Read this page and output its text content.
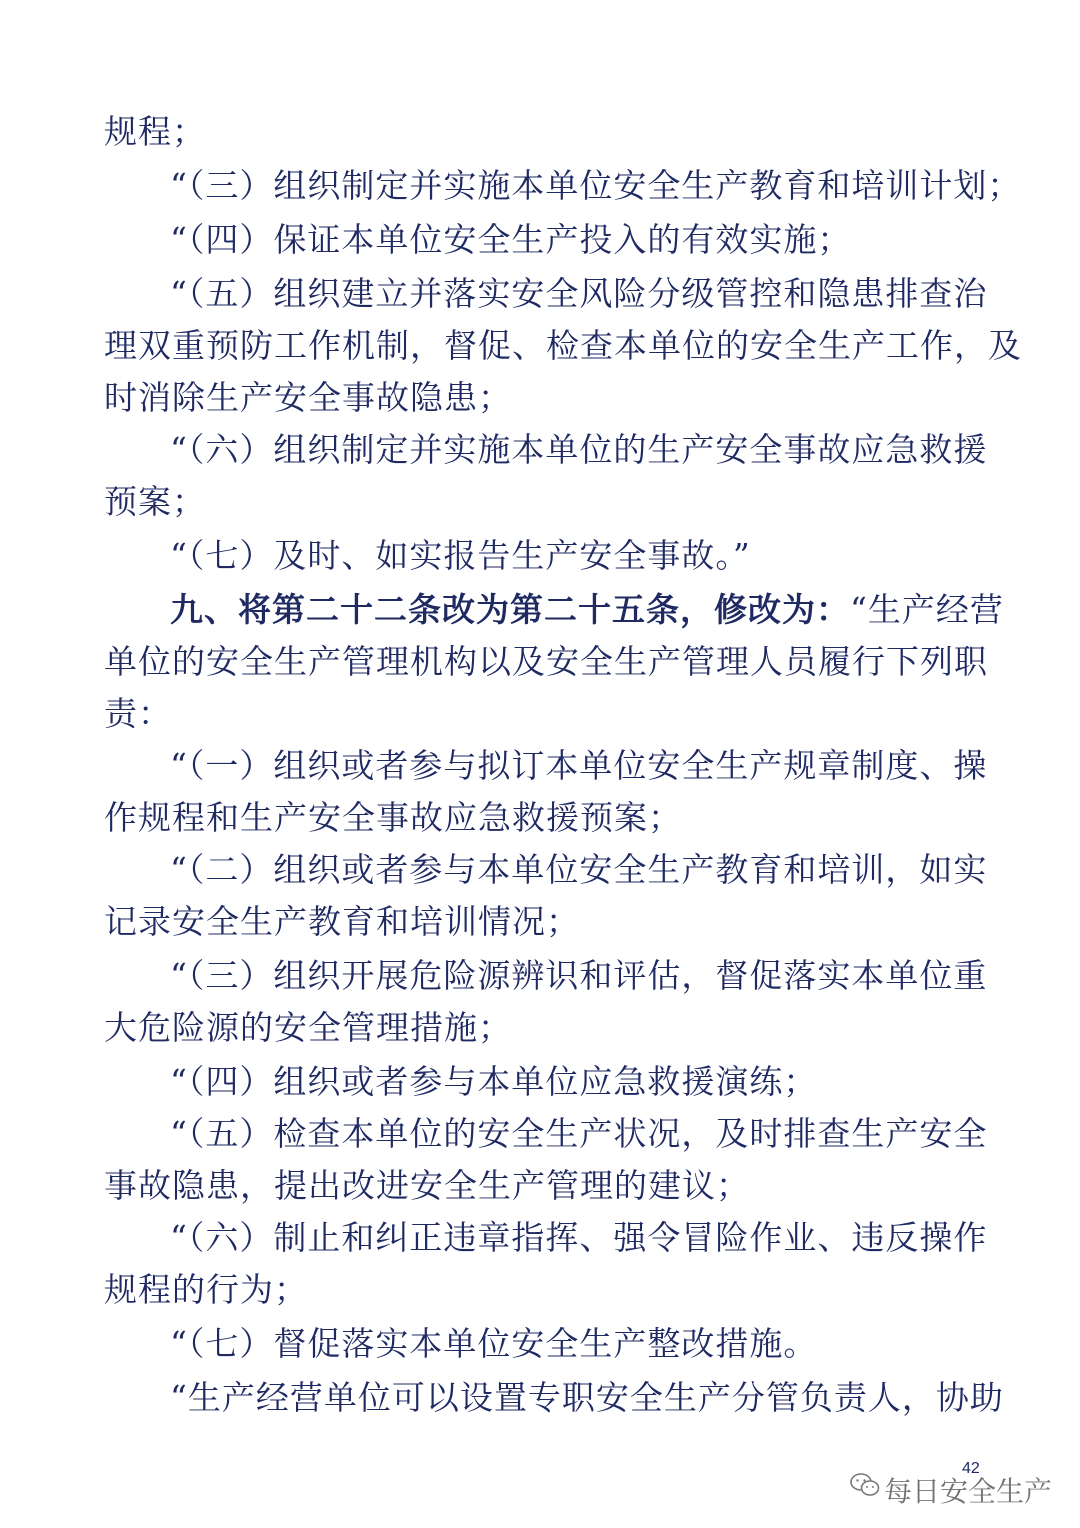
规程；
“（三）组织制定并实施本单位安全生产教育和培训计划；
“（四）保证本单位安全生产投入的有效实施；
“（五）组织建立并落实安全风险分级管控和隐患排查治
理双重预防工作机制，督促、检查本单位的安全生产工作，及
时消除生产安全事故隐患；
“（六）组织制定并实施本单位的生产安全事故应急救援
预案；
“（七）及时、如实报告生产安全事故。”
九、将第二十二条改为第二十五条，修改为：“生产经营
单位的安全生产管理机构以及安全生产管理人员履行下列职
责：
“（一）组织或者参与拟订本单位安全生产规章制度、操
作规程和生产安全事故应急救援预案；
“（二）组织或者参与本单位安全生产教育和培训，如实
记录安全生产教育和培训情况；
“（三）组织开展危险源辨识和评估，督促落实本单位重
大危险源的安全管理措施；
“（四）组织或者参与本单位应急救援演练；
“（五）检查本单位的安全生产状况，及时排查生产安全
事故隐患，提出改进安全生产管理的建议；
“（六）制止和纠正违章指挥、强令冒险作业、违反操作
规程的行为；
“（七）督促落实本单位安全生产整改措施。
“生产经营单位可以设置专职安全生产分管负责人，协助
42
每日安全生产
